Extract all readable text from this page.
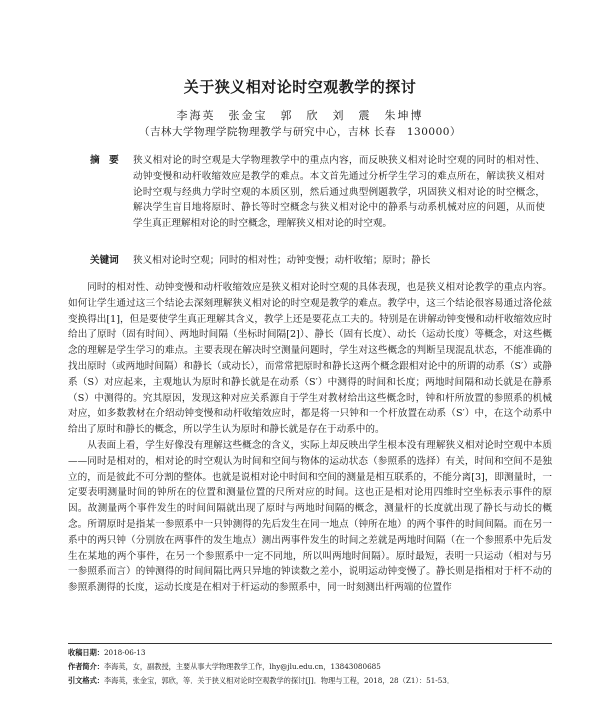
关于狭义相对论时空观教学的探讨
李海英　张金宝　郭　欣　刘　震　朱坤博
（吉林大学物理学院物理教学与研究中心，吉林 长春　130000）
摘　要	狭义相对论的时空观是大学物理教学中的重点内容，而反映狭义相对论时空观的同时的相对性、动钟变慢和动杆收缩效应是教学的难点。本文首先通过分析学生学习的难点所在，解读狭义相对论时空观与经典力学时空观的本质区别，然后通过典型例题教学，巩固狭义相对论的时空概念，解决学生盲目地将原时、静长等时空概念与狭义相对论中的静系与动系机械对应的问题，从而使学生真正理解相对论的时空概念，理解狭义相对论的时空观。
关键词	狭义相对论时空观；同时的相对性；动钟变慢；动杆收缩；原时；静长

同时的相对性、动钟变慢和动杆收缩效应是狭义相对论时空观的具体表现，也是狭义相对论教学的重点内容。如何让学生通过这三个结论去深刻理解狭义相对论的时空观是教学的难点。教学中，这三个结论很容易通过洛伦兹变换得出[1]，但是要使学生真正理解其含义，教学上还是要花点工夫的。特别是在讲解动钟变慢和动杆收缩效应时给出了原时（固有时间）、两地时间隔（坐标时间隔[2]）、静长（固有长度）、动长（运动长度）等概念，对这些概念的理解是学生学习的难点。主要表现在解决时空测量问题时，学生对这些概念的判断呈现混乱状态，不能准确的找出原时（或两地时间隔）和静长（或动长），而常常把原时和静长这两个概念跟相对论中的所谓的动系（S′）或静系（S）对应起来，主观地认为原时和静长就是在动系（S′）中测得的时间和长度；两地时间隔和动长就是在静系（S）中测得的。究其原因，发现这种对应关系源自于学生对教材给出这些概念时，钟和杆所放置的参照系的机械对应，如多数教材在介绍动钟变慢和动杆收缩效应时，都是将一只钟和一个杆放置在动系（S′）中，在这个动系中给出了原时和静长的概念，所以学生认为原时和静长就是存在于动系中的。

从表面上看，学生好像没有理解这些概念的含义，实际上却反映出学生根本没有理解狭义相对论时空观中本质——同时是相对的，相对论的时空观认为时间和空间与物体的运动状态（参照系的选择）有关，时间和空间不是独立的，而是彼此不可分割的整体。也就是说相对论中时间和空间的测量是相互联系的，不能分离[3]，即测量时，一定要表明测量时间的钟所在的位置和测量位置的尺所对应的时间。这也正是相对论用四维时空坐标表示事件的原因。故测量两个事件发生的时间间隔就出现了原时与两地时间隔的概念，测量杆的长度就出现了静长与动长的概念。所谓原时是指某一参照系中一只钟测得的先后发生在同一地点（钟所在地）的两个事件的时间间隔。而在另一系中的两只钟（分别放在两事件的发生地点）测出两事件发生的时间之差就是两地时间隔（在一个参照系中先后发生在某地的两个事件，在另一个参照系中一定不同地，所以叫两地时间隔）。原时最短，表明一只运动（相对与另一参照系而言）的钟测得的时间间隔比两只异地的钟读数之差小，说明运动钟变慢了。静长则是指相对于杆不动的参照系测得的长度，运动长度是在相对于杆运动的参照系中，同一时刻测出杆两端的位置作

收稿日期：2018-06-13
作者简介：李海英，女，副教授，主要从事大学物理教学工作，lhy@jlu.edu.cn，13843080685
引文格式：李海英，张金宝，郭欣，等．关于狭义相对论时空观教学的探讨[J]．物理与工程，2018，28（Z1）：51-53．
